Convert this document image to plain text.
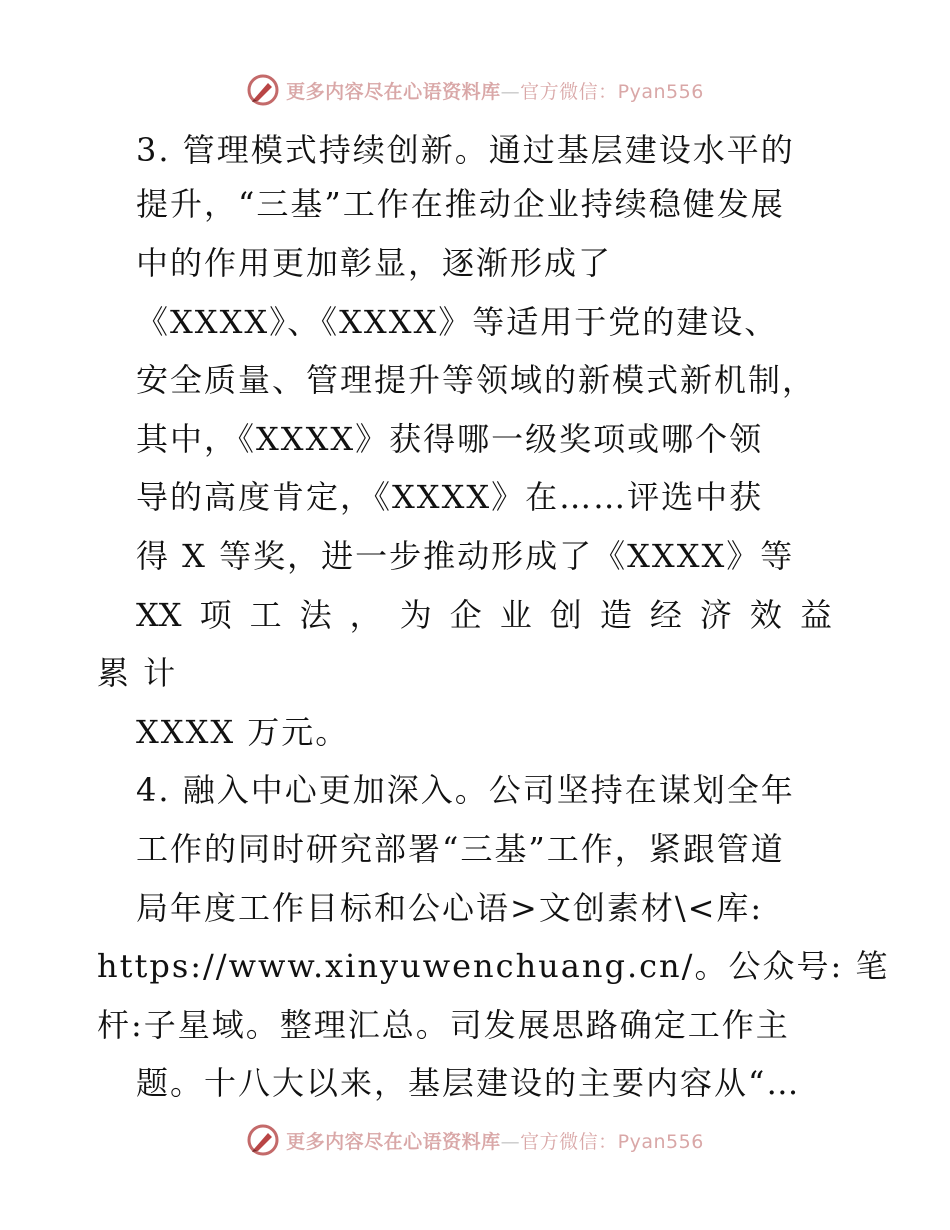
更多内容尽在心语资料库—官方微信：Pyan556
3. 管理模式持续创新。通过基层建设水平的
提升，“三基”工作在推动企业持续稳健发展
中的作用更加彰显，逐渐形成了
《XXXX》、《XXXX》等适用于党的建设、
安全质量、管理提升等领域的新模式新机制，
其中，《XXXX》获得哪一级奖项或哪个领
导的高度肯定，《XXXX》在……评选中获
得 X 等奖，进一步推动形成了《XXXX》等
XX 项 工 法 ， 为 企 业 创 造 经 济 效 益
累 计
XXXX 万元。
4. 融入中心更加深入。公司坚持在谋划全年
工作的同时研究部署“三基”工作，紧跟管道
局年度工作目标和公心语>文创素材\<库:
https://www.xinyuwenchuang.cn/。公众号: 笔
杆:子星域。整理汇总。司发展思路确定工作主
题。十八大以来，基层建设的主要内容从“…
更多内容尽在心语资料库—官方微信：Pyan556
